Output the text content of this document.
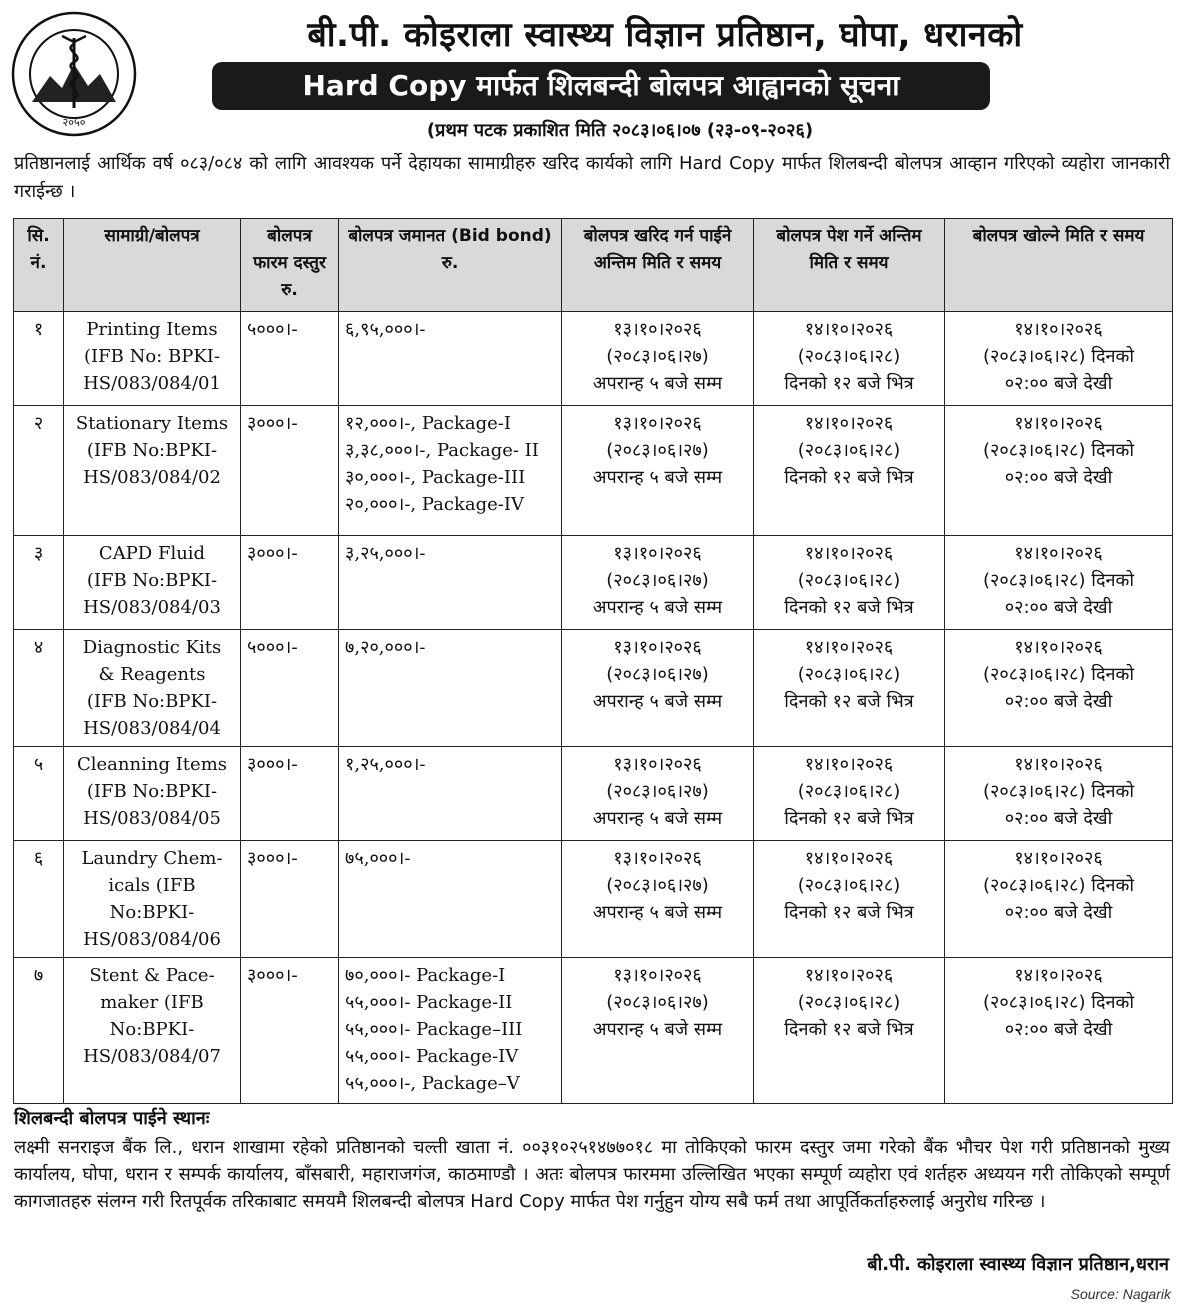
२०५०
बी.पी. कोइराला स्वास्थ्य विज्ञान प्रतिष्ठान, घोपा, धरानको
Hard Copy मार्फत शिलबन्दी बोलपत्र आह्वानको सूचना
(प्रथम पटक प्रकाशित मिति २०८३।०६।०७ (२३-०९-२०२६)
प्रतिष्ठानलाई आर्थिक वर्ष ०८३/०८४ को लागि आवश्यक पर्ने देहायका सामाग्रीहरु खरिद कार्यको लागि Hard Copy मार्फत शिलबन्दी बोलपत्र आव्हान गरिएको व्यहोरा जानकारी गराईन्छ ।
सि. नं.	सामाग्री/बोलपत्र	बोलपत्र फारम दस्तुर रु.	बोलपत्र जमानत (Bid bond) रु.	बोलपत्र खरिद गर्न पाईने अन्तिम मिति र समय	बोलपत्र पेश गर्ने अन्तिम मिति र समय	बोलपत्र खोल्ने मिति र समय
१	Printing Items
(IFB No: BPKI-
HS/083/084/01	५०००।-	६,९५,०००।-	१३।१०।२०२६
(२०८३।०६।२७)
अपरान्ह ५ बजे सम्म	१४।१०।२०२६
(२०८३।०६।२८)
दिनको १२ बजे भित्र	१४।१०।२०२६
(२०८३।०६।२८) दिनको
०२:०० बजे देखी

२	Stationary Items
(IFB No:BPKI-
HS/083/084/02	३०००।-	१२,०००।-, Package-I
३,३८,०००।-, Package- II
३०,०००।-, Package-III
२०,०००।-, Package-IV	१३।१०।२०२६
(२०८३।०६।२७)
अपरान्ह ५ बजे सम्म	१४।१०।२०२६
(२०८३।०६।२८)
दिनको १२ बजे भित्र	१४।१०।२०२६
(२०८३।०६।२८) दिनको
०२:०० बजे देखी

३	CAPD Fluid
(IFB No:BPKI-
HS/083/084/03	३०००।-	३,२५,०००।-	१३।१०।२०२६
(२०८३।०६।२७)
अपरान्ह ५ बजे सम्म	१४।१०।२०२६
(२०८३।०६।२८)
दिनको १२ बजे भित्र	१४।१०।२०२६
(२०८३।०६।२८) दिनको
०२:०० बजे देखी

४	Diagnostic Kits
& Reagents
(IFB No:BPKI-
HS/083/084/04	५०००।-	७,२०,०००।-	१३।१०।२०२६
(२०८३।०६।२७)
अपरान्ह ५ बजे सम्म	१४।१०।२०२६
(२०८३।०६।२८)
दिनको १२ बजे भित्र	१४।१०।२०२६
(२०८३।०६।२८) दिनको
०२:०० बजे देखी

५	Cleanning Items
(IFB No:BPKI-
HS/083/084/05	३०००।-	१,२५,०००।-	१३।१०।२०२६
(२०८३।०६।२७)
अपरान्ह ५ बजे सम्म	१४।१०।२०२६
(२०८३।०६।२८)
दिनको १२ बजे भित्र	१४।१०।२०२६
(२०८३।०६।२८) दिनको
०२:०० बजे देखी

६	Laundry Chem-
icals (IFB
No:BPKI-
HS/083/084/06	३०००।-	७५,०००।-	१३।१०।२०२६
(२०८३।०६।२७)
अपरान्ह ५ बजे सम्म	१४।१०।२०२६
(२०८३।०६।२८)
दिनको १२ बजे भित्र	१४।१०।२०२६
(२०८३।०६।२८) दिनको
०२:०० बजे देखी

७	Stent & Pace-
maker (IFB
No:BPKI-
HS/083/084/07	३०००।-	७०,०००।- Package-I
५५,०००।- Package-II
५५,०००।- Package–III
५५,०००।- Package-IV
५५,०००।-, Package–V	१३।१०।२०२६
(२०८३।०६।२७)
अपरान्ह ५ बजे सम्म	१४।१०।२०२६
(२०८३।०६।२८)
दिनको १२ बजे भित्र	१४।१०।२०२६
(२०८३।०६।२८) दिनको
०२:०० बजे देखी
शिलबन्दी बोलपत्र पाईने स्थानः
लक्ष्मी सनराइज बैंक लि., धरान शाखामा रहेको प्रतिष्ठानको चल्ती खाता नं. ००३१०२५१४७७०१८ मा तोकिएको फारम दस्तुर जमा गरेको बैंक भौचर पेश गरी प्रतिष्ठानको मुख्य कार्यालय, घोपा, धरान र सम्पर्क कार्यालय, बाँसबारी, महाराजगंज, काठमाण्डौ । अतः बोलपत्र फारममा उल्लिखित भएका सम्पूर्ण व्यहोरा एवं शर्तहरु अध्ययन गरी तोकिएको सम्पूर्ण कागजातहरु संलग्न गरी रितपूर्वक तरिकाबाट समयमै शिलबन्दी बोलपत्र Hard Copy मार्फत पेश गर्नुहुन योग्य सबै फर्म तथा आपूर्तिकर्ताहरुलाई अनुरोध गरिन्छ ।
बी.पी. कोइराला स्वास्थ्य विज्ञान प्रतिष्ठान,धरान
Source: Nagarik
